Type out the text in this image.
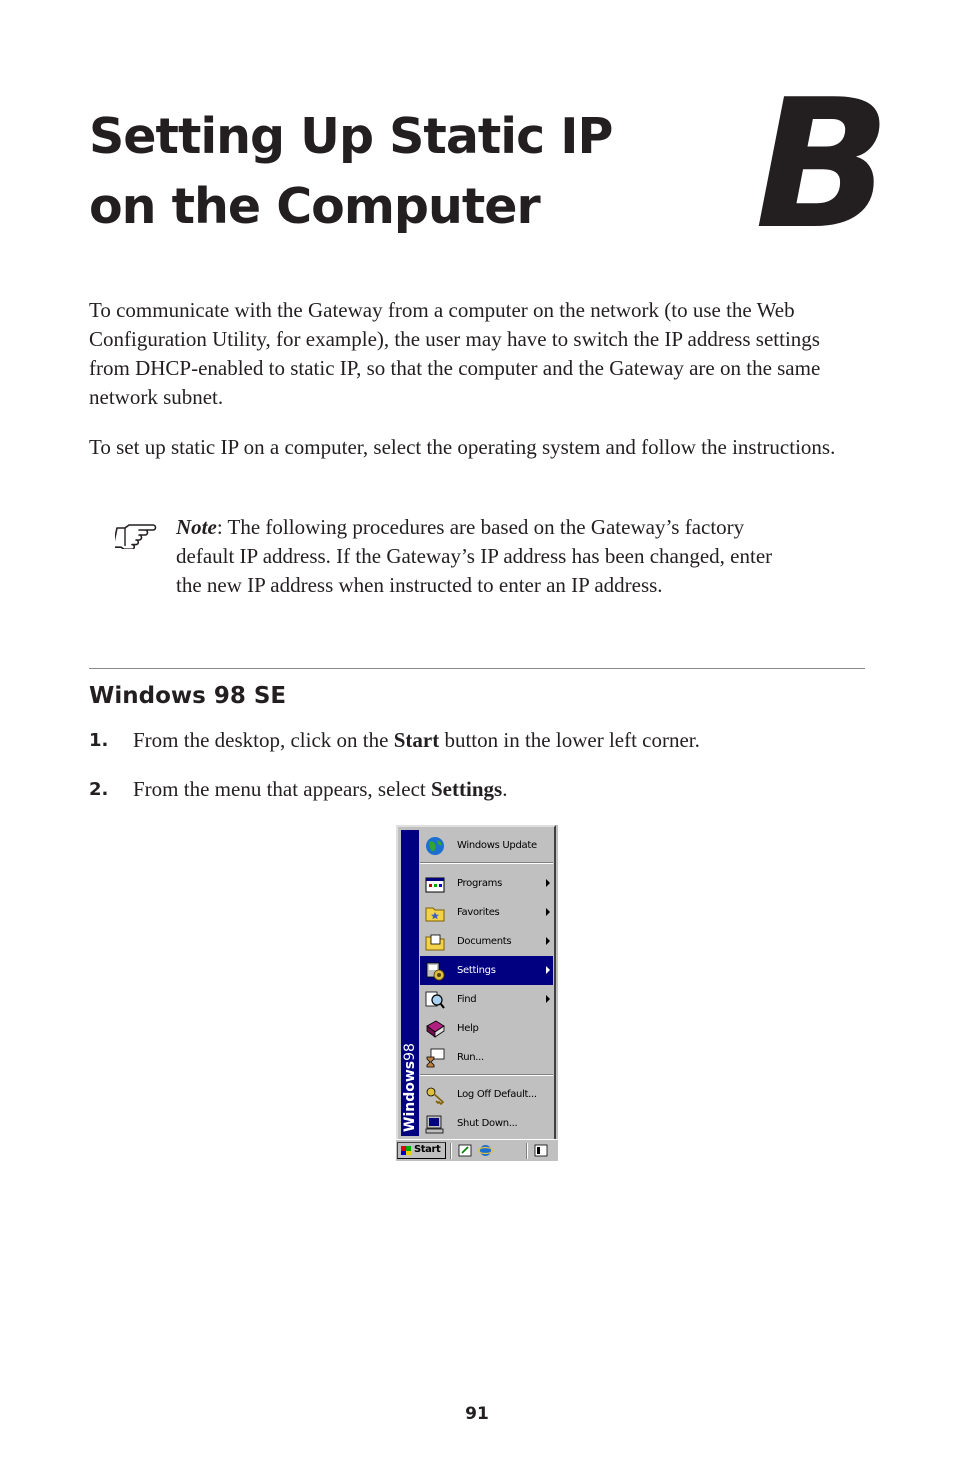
Setting Up Static IP
on the Computer	B

To communicate with the Gateway from a computer on the network (to use the Web Configuration Utility, for example), the user may have to switch the IP address settings from DHCP-enabled to static IP, so that the computer and the Gateway are on the same network subnet.

To set up static IP on a computer, select the operating system and follow the instructions.

Note: The following procedures are based on the Gateway’s factory default IP address. If the Gateway’s IP address has been changed, enter the new IP address when instructed to enter an IP address.

Windows 98 SE
1. From the desktop, click on the Start button in the lower left corner.
2. From the menu that appears, select Settings.
Windows98
Windows Update
Programs
Favorites
Documents
Settings
Find
Help
Run...
Log Off Default...
Shut Down...
Start
91
